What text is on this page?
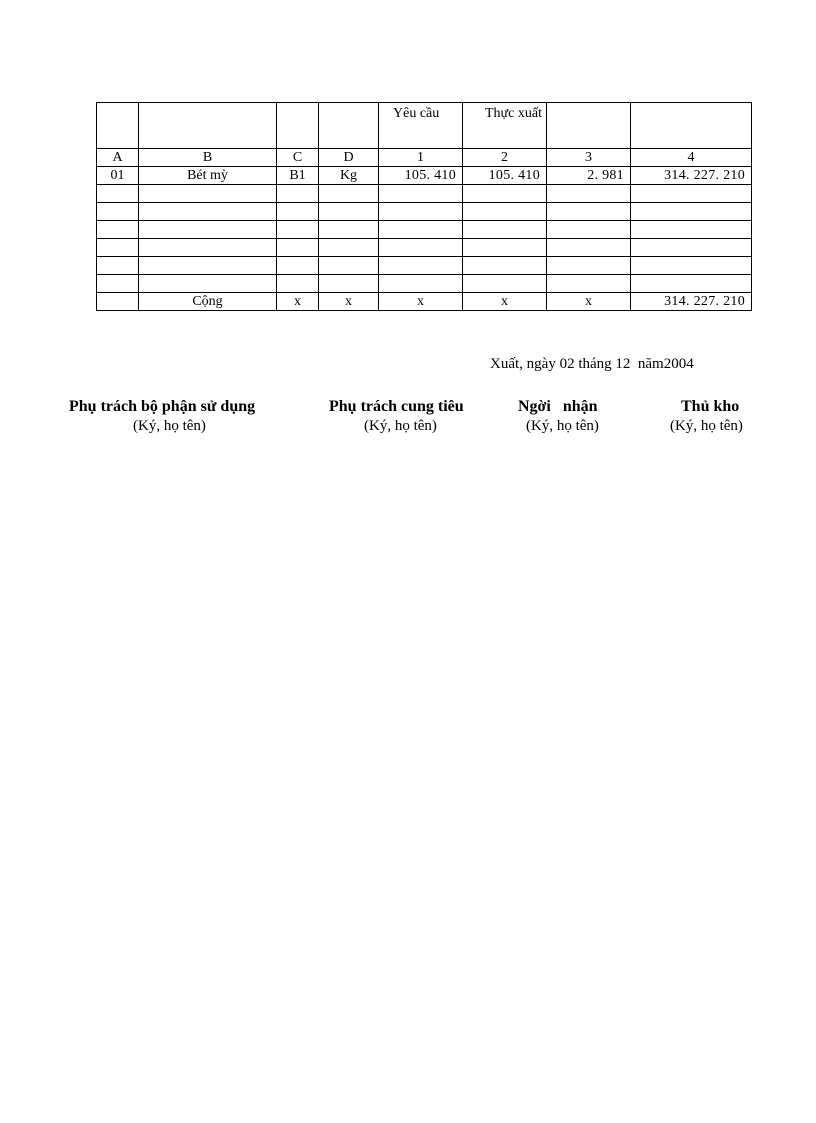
				Yêu cầu	Thực xuất		
A	B	C	D	1	2	3	4
01	Bét mỳ	B1	Kg	105. 410	105. 410	2. 981	314. 227. 210

	Cộng	x	x	x	x	x	314. 227. 210
Xuất, ngày 02 tháng 12  năm2004
Phụ trách bộ phận sử dụng
(Ký, họ tên)
Phụ trách cung tiêu
(Ký, họ tên)
Ngời   nhận
(Ký, họ tên)
Thủ kho
(Ký, họ tên)
